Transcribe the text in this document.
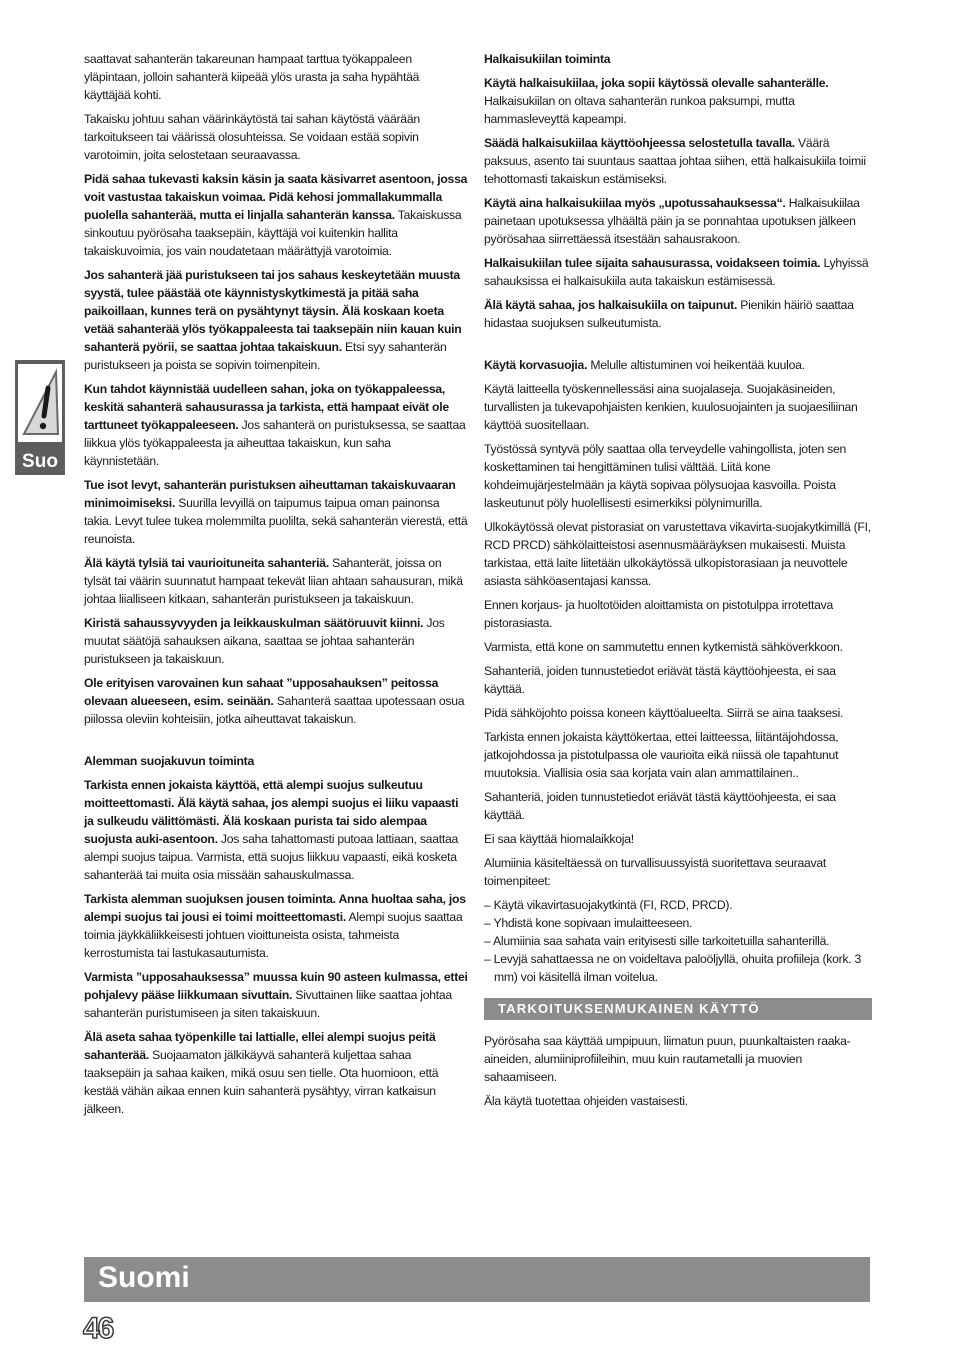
Suo

saattavat sahanterän takareunan hampaat tarttua työkappaleen yläpintaan, jolloin sahanterä kiipeää ylös urasta ja saha hypähtää käyttäjää kohti.

Takaisku johtuu sahan väärinkäytöstä tai sahan käytöstä väärään tarkoitukseen tai väärissä olosuhteissa. Se voidaan estää sopivin varotoimin, joita selostetaan seuraavassa.

Pidä sahaa tukevasti kaksin käsin ja saata käsivarret asentoon, jossa voit vastustaa takaiskun voimaa. Pidä kehosi jommallakummalla puolella sahanterää, mutta ei linjalla sahanterän kanssa. Takaiskussa sinkoutuu pyörösaha taaksepäin, käyttäjä voi kuitenkin hallita takaiskuvoimia, jos vain noudatetaan määrättyjä varotoimia.

Jos sahanterä jää puristukseen tai jos sahaus keskeytetään muusta syystä, tulee päästää ote käynnistyskytkimestä ja pitää saha paikoillaan, kunnes terä on pysähtynyt täysin. Älä koskaan koeta vetää sahanterää ylös työkappaleesta tai taaksepäin niin kauan kuin sahanterä pyörii, se saattaa johtaa takaiskuun. Etsi syy sahanterän puristukseen ja poista se sopivin toimenpitein.

Kun tahdot käynnistää uudelleen sahan, joka on työkappaleessa, keskitä sahanterä sahausurassa ja tarkista, että hampaat eivät ole tarttuneet työkappaleeseen. Jos sahanterä on puristuksessa, se saattaa liikkua ylös työkappaleesta ja aiheuttaa takaiskun, kun saha käynnistetään.

Tue isot levyt, sahanterän puristuksen aiheuttaman takaiskuvaaran minimoimiseksi. Suurilla levyillä on taipumus taipua oman painonsa takia. Levyt tulee tukea molemmilta puolilta, sekä sahanterän vierestä, että reunoista.

Älä käytä tylsiä tai vaurioituneita sahanteriä. Sahanterät, joissa on tylsät tai väärin suunnatut hampaat tekevät liian ahtaan sahausuran, mikä johtaa liialliseen kitkaan, sahanterän puristukseen ja takaiskuun.

Kiristä sahaussyvyyden ja leikkauskulman säätöruuvit kiinni. Jos muutat säätöjä sahauksen aikana, saattaa se johtaa sahanterän puristukseen ja takaiskuun.

Ole erityisen varovainen kun sahaat ”upposahauksen” peitossa olevaan alueeseen, esim. seinään. Sahanterä saattaa upotessaan osua piilossa oleviin kohteisiin, jotka aiheuttavat takaiskun.

Alemman suojakuvun toiminta

Tarkista ennen jokaista käyttöä, että alempi suojus sulkeutuu moitteettomasti. Älä käytä sahaa, jos alempi suojus ei liiku vapaasti ja sulkeudu välittömästi. Älä koskaan purista tai sido alempaa suojusta auki-asentoon. Jos saha tahattomasti putoaa lattiaan, saattaa alempi suojus taipua. Varmista, että suojus liikkuu vapaasti, eikä kosketa sahanterää tai muita osia missään sahauskulmassa.

Tarkista alemman suojuksen jousen toiminta. Anna huoltaa saha, jos alempi suojus tai jousi ei toimi moitteettomasti. Alempi suojus saattaa toimia jäykkäliikkeisesti johtuen vioittuneista osista, tahmeista kerrostumista tai lastukasautumista.

Varmista ”upposahauksessa” muussa kuin 90 asteen kulmassa, ettei pohjalevy pääse liikkumaan sivuttain. Sivuttainen liike saattaa johtaa sahanterän puristumiseen ja siten takaiskuun.

Älä aseta sahaa työpenkille tai lattialle, ellei alempi suojus peitä sahanterää. Suojaamaton jälkikäyvä sahanterä kuljettaa sahaa taaksepäin ja sahaa kaiken, mikä osuu sen tielle. Ota huomioon, että kestää vähän aikaa ennen kuin sahanterä pysähtyy, virran katkaisun jälkeen.

Halkaisukiilan toiminta

Käytä halkaisukiilaa, joka sopii käytössä olevalle sahanterälle. Halkaisukiilan on oltava sahanterän runkoa paksumpi, mutta hammasleveyttä kapeampi.

Säädä halkaisukiilaa käyttöohjeessa selostetulla tavalla. Väärä paksuus, asento tai suuntaus saattaa johtaa siihen, että halkaisukiila toimii tehottomasti takaiskun estämiseksi.

Käytä aina halkaisukiilaa myös „upotussahauksessa“. Halkaisukiilaa painetaan upotuksessa ylhäältä päin ja se ponnahtaa upotuksen jälkeen pyörösahaa siirrettäessä itsestään sahausrakoon.

Halkaisukiilan tulee sijaita sahausurassa, voidakseen toimia. Lyhyissä sahauksissa ei halkaisukiila auta takaiskun estämisessä.

Älä käytä sahaa, jos halkaisukiila on taipunut. Pienikin häiriö saattaa hidastaa suojuksen sulkeutumista.

Käytä korvasuojia. Melulle altistuminen voi heikentää kuuloa.

Käytä laitteella työskennellessäsi aina suojalaseja. Suojakäsineiden, turvallisten ja tukevapohjaisten kenkien, kuulosuojainten ja suojaesiliinan käyttöä suositellaan.

Työstössä syntyvä pöly saattaa olla terveydelle vahingollista, joten sen koskettaminen tai hengittäminen tulisi välttää. Liitä kone kohdeimujärjestelmään ja käytä sopivaa pölysuojaa kasvoilla. Poista laskeutunut pöly huolellisesti esimerkiksi pölynimurilla.

Ulkokäytössä olevat pistorasiat on varustettava vikavirta-suojakytkimillä (FI, RCD PRCD) sähkölaitteistosi asennusmääräyksen mukaisesti. Muista tarkistaa, että laite liitetään ulkokäytössä ulkopistorasiaan ja neuvottele asiasta sähköasentajasi kanssa.

Ennen korjaus- ja huoltotöiden aloittamista on pistotulppa irrotettava pistorasiasta.

Varmista, että kone on sammutettu ennen kytkemistä sähköverkkoon.

Sahanteriä, joiden tunnustetiedot eriävät tästä käyttöohjeesta, ei saa käyttää.

Pidä sähköjohto poissa koneen käyttöalueelta. Siirrä se aina taaksesi.

Tarkista ennen jokaista käyttökertaa, ettei laitteessa, liitäntäjohdossa, jatkojohdossa ja pistotulpassa ole vaurioita eikä niissä ole tapahtunut muutoksia. Viallisia osia saa korjata vain alan ammattilainen..

Sahanteriä, joiden tunnustetiedot eriävät tästä käyttöohjeesta, ei saa käyttää.

Ei saa käyttää hiomalaikkoja!

Alumiinia käsiteltäessä on turvallisuussyistä suoritettava seuraavat toimenpiteet:

– Käytä vikavirtasuojakytkintä (FI, RCD, PRCD).
– Yhdistä kone sopivaan imulaitteeseen.
– Alumiinia saa sahata vain erityisesti sille tarkoitetuilla sahanterillä.
– Levyjä sahattaessa ne on voideltava paloöljyllä, ohuita profiileja (kork. 3 mm) voi käsitellä ilman voitelua.
TARKOITUKSENMUKAINEN KÄYTTÖ

Pyörösaha saa käyttää umpipuun, liimatun puun, puunkaltaisten raaka-aineiden, alumiiniprofiileihin, muu kuin rautametalli ja muovien sahaamiseen.

Äla käytä tuotettaa ohjeiden vastaisesti.

Suomi
46
